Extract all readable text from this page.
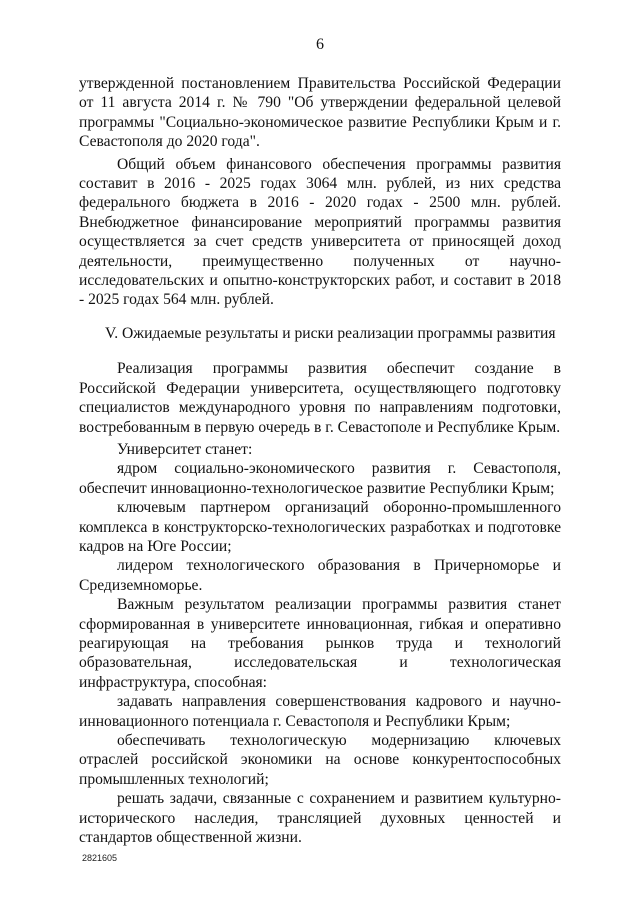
6

утвержденной постановлением Правительства Российской Федерации от 11 августа 2014 г. № 790 "Об утверждении федеральной целевой программы "Социально-экономическое развитие Республики Крым и г. Севастополя до 2020 года".

Общий объем финансового обеспечения программы развития составит в 2016 - 2025 годах 3064 млн. рублей, из них средства федерального бюджета в 2016 - 2020 годах - 2500 млн. рублей. Внебюджетное финансирование мероприятий программы развития осуществляется за счет средств университета от приносящей доход деятельности, преимущественно полученных от научно-исследовательских и опытно-конструкторских работ, и составит в 2018 - 2025 годах 564 млн. рублей.

V. Ожидаемые результаты и риски реализации программы развития

Реализация программы развития обеспечит создание в Российской Федерации университета, осуществляющего подготовку специалистов международного уровня по направлениям подготовки, востребованным в первую очередь в г. Севастополе и Республике Крым.

Университет станет:

ядром социально-экономического развития г. Севастополя, обеспечит инновационно-технологическое развитие Республики Крым;

ключевым партнером организаций оборонно-промышленного комплекса в конструкторско-технологических разработках и подготовке кадров на Юге России;

лидером технологического образования в Причерноморье и Средиземноморье.

Важным результатом реализации программы развития станет сформированная в университете инновационная, гибкая и оперативно реагирующая на требования рынков труда и технологий образовательная, исследовательская и технологическая инфраструктура, способная:

задавать направления совершенствования кадрового и научно-инновационного потенциала г. Севастополя и Республики Крым;

обеспечивать технологическую модернизацию ключевых отраслей российской экономики на основе конкурентоспособных промышленных технологий;

решать задачи, связанные с сохранением и развитием культурно-исторического наследия, трансляцией духовных ценностей и стандартов общественной жизни.

2821605
